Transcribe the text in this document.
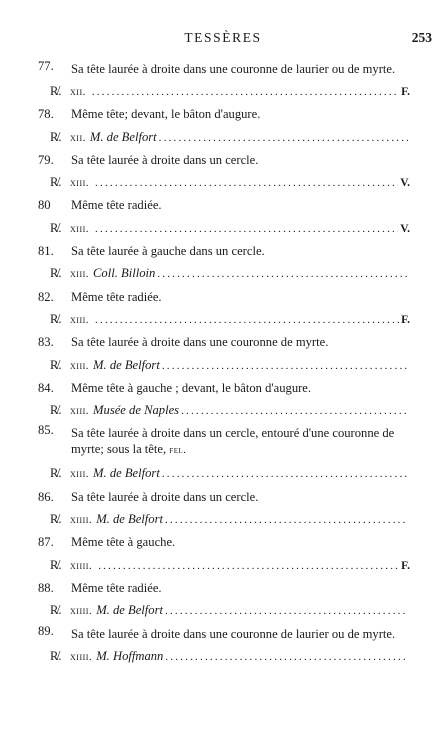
TESSÈRES	253
77. Sa tête laurée à droite dans une couronne de laurier ou de myrte.
R̸. xii. .....	F.
78. Même tête; devant, le bâton d'augure.
R̸. xii. M. de Belfort
.....
79. Sa tête laurée à droite dans un cercle.
R̸. xiii. .....	V.
80 Même tête radiée.
R̸. xiii. .....	V.
81. Sa tête laurée à gauche dans un cercle.
R̸. xiii. Coll. Billoin
.....
82. Même tête radiée.
R̸. xiii. .....	F.
83. Sa tête laurée à droite dans une couronne de myrte.
R̸. xiii. M. de Belfort
.....
84. Même tête à gauche ; devant, le bâton d'augure.
R̸. xiii. Musée de Naples
.....
85. Sa tête laurée à droite dans un cercle, entouré d'une couronne de myrte; sous la tête, fel.
R̸. xiii. M. de Belfort
.....
86. Sa tête laurée à droite dans un cercle.
R̸. xiiii. M. de Belfort
.....
87. Même tête à gauche.
R̸. xiiii. .....	F.
88. Même tête radiée.
R̸. xiiii. M. de Belfort
.....
89. Sa tête laurée à droite dans une couronne de laurier ou de myrte.
R̸. xiiii. M. Hoffmann
.....
